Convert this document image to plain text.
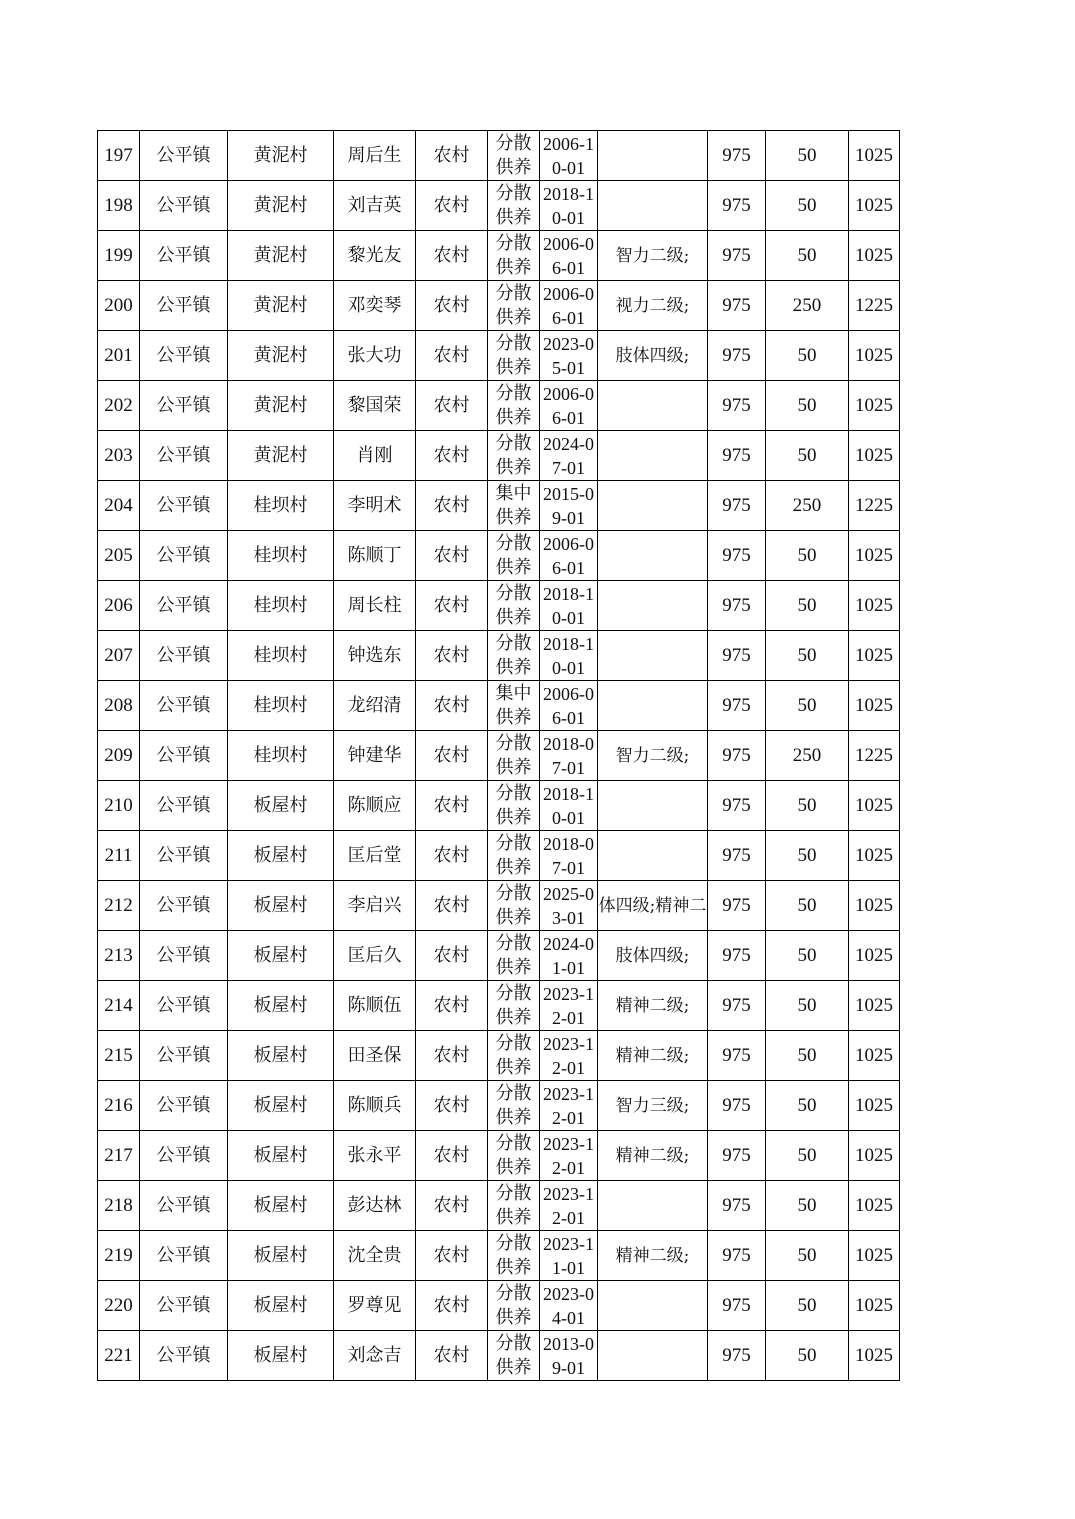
197	公平镇	黄泥村	周后生	农村	分散供养	2006-10-01		975	50	1025
198	公平镇	黄泥村	刘吉英	农村	分散供养	2018-10-01		975	50	1025
199	公平镇	黄泥村	黎光友	农村	分散供养	2006-06-01	智力二级;	975	50	1025
200	公平镇	黄泥村	邓奕琴	农村	分散供养	2006-06-01	视力二级;	975	250	1225
201	公平镇	黄泥村	张大功	农村	分散供养	2023-05-01	肢体四级;	975	50	1025
202	公平镇	黄泥村	黎国荣	农村	分散供养	2006-06-01		975	50	1025
203	公平镇	黄泥村	肖刚	农村	分散供养	2024-07-01		975	50	1025
204	公平镇	桂坝村	李明术	农村	集中供养	2015-09-01		975	250	1225
205	公平镇	桂坝村	陈顺丁	农村	分散供养	2006-06-01		975	50	1025
206	公平镇	桂坝村	周长柱	农村	分散供养	2018-10-01		975	50	1025
207	公平镇	桂坝村	钟选东	农村	分散供养	2018-10-01		975	50	1025
208	公平镇	桂坝村	龙绍清	农村	集中供养	2006-06-01		975	50	1025
209	公平镇	桂坝村	钟建华	农村	分散供养	2018-07-01	智力二级;	975	250	1225
210	公平镇	板屋村	陈顺应	农村	分散供养	2018-10-01		975	50	1025
211	公平镇	板屋村	匡后堂	农村	分散供养	2018-07-01		975	50	1025
212	公平镇	板屋村	李启兴	农村	分散供养	2025-03-01	体四级;精神二	975	50	1025
213	公平镇	板屋村	匡后久	农村	分散供养	2024-01-01	肢体四级;	975	50	1025
214	公平镇	板屋村	陈顺伍	农村	分散供养	2023-12-01	精神二级;	975	50	1025
215	公平镇	板屋村	田圣保	农村	分散供养	2023-12-01	精神二级;	975	50	1025
216	公平镇	板屋村	陈顺兵	农村	分散供养	2023-12-01	智力三级;	975	50	1025
217	公平镇	板屋村	张永平	农村	分散供养	2023-12-01	精神二级;	975	50	1025
218	公平镇	板屋村	彭达林	农村	分散供养	2023-12-01		975	50	1025
219	公平镇	板屋村	沈全贵	农村	分散供养	2023-11-01	精神二级;	975	50	1025
220	公平镇	板屋村	罗尊见	农村	分散供养	2023-04-01		975	50	1025
221	公平镇	板屋村	刘念吉	农村	分散供养	2013-09-01		975	50	1025
